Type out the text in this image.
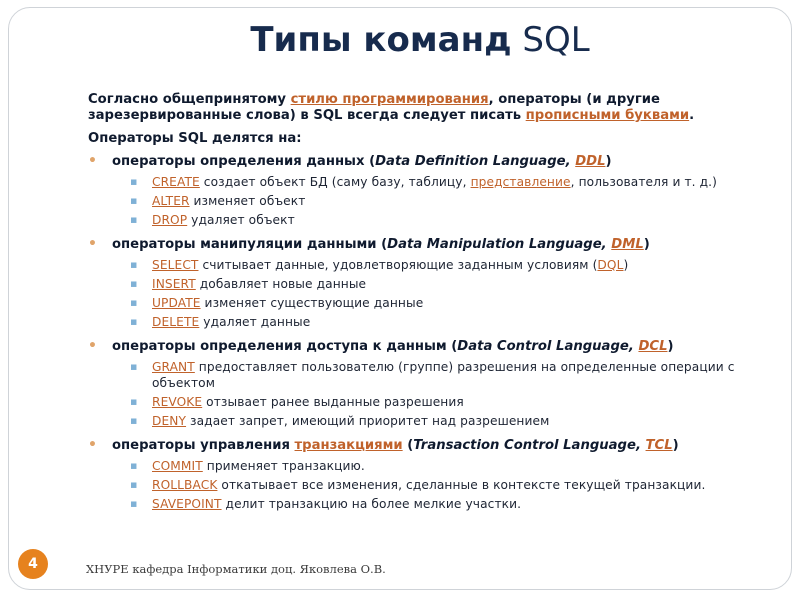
Типы команд SQL
Согласно общепринятому стилю программирования, операторы (и другие зарезервированные слова) в SQL всегда следует писать прописными буквами.
Операторы SQL делятся на:
• операторы определения данных (Data Definition Language, DDL)
▪ CREATE создает объект БД (саму базу, таблицу, представление, пользователя и т. д.)
▪ ALTER изменяет объект
▪ DROP удаляет объект
• операторы манипуляции данными (Data Manipulation Language, DML)
▪ SELECT считывает данные, удовлетворяющие заданным условиям (DQL)
▪ INSERT добавляет новые данные
▪ UPDATE изменяет существующие данные
▪ DELETE удаляет данные
• операторы определения доступа к данным (Data Control Language, DCL)
▪ GRANT предоставляет пользователю (группе) разрешения на определенные операции с объектом
▪ REVOKE отзывает ранее выданные разрешения
▪ DENY задает запрет, имеющий приоритет над разрешением
• операторы управления транзакциями (Transaction Control Language, TCL)
▪ COMMIT применяет транзакцию.
▪ ROLLBACK откатывает все изменения, сделанные в контексте текущей транзакции.
▪ SAVEPOINT делит транзакцию на более мелкие участки.
4	ХНУРЕ кафедра Інформатики доц. Яковлева О.В.
